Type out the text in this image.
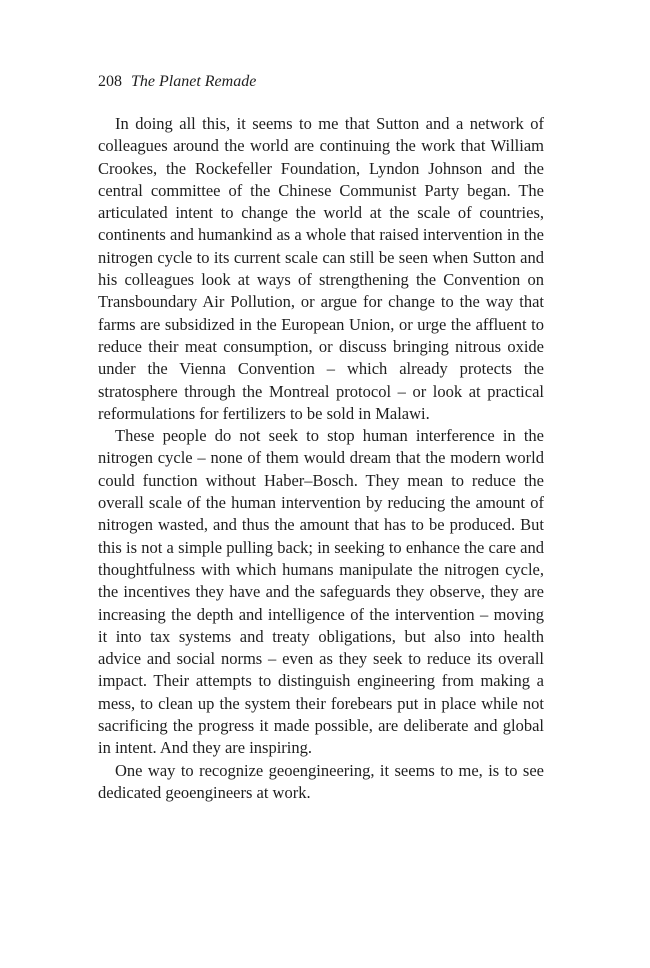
208 The Planet Remade

In doing all this, it seems to me that Sutton and a network of colleagues around the world are continuing the work that William Crookes, the Rockefeller Foundation, Lyndon Johnson and the central committee of the Chinese Communist Party began. The articulated intent to change the world at the scale of countries, continents and humankind as a whole that raised intervention in the nitrogen cycle to its current scale can still be seen when Sutton and his colleagues look at ways of strengthening the Convention on Transboundary Air Pollution, or argue for change to the way that farms are subsidized in the European Union, or urge the affluent to reduce their meat consumption, or discuss bringing nitrous oxide under the Vienna Convention – which already protects the stratosphere through the Montreal protocol – or look at practical reformulations for fertilizers to be sold in Malawi.

These people do not seek to stop human interference in the nitrogen cycle – none of them would dream that the modern world could function without Haber–Bosch. They mean to reduce the overall scale of the human intervention by reducing the amount of nitrogen wasted, and thus the amount that has to be produced. But this is not a simple pulling back; in seeking to enhance the care and thoughtfulness with which humans manipulate the nitrogen cycle, the incentives they have and the safeguards they observe, they are increasing the depth and intelligence of the intervention – moving it into tax systems and treaty obligations, but also into health advice and social norms – even as they seek to reduce its overall impact. Their attempts to distinguish engineering from making a mess, to clean up the system their forebears put in place while not sacrificing the progress it made possible, are deliberate and global in intent. And they are inspiring.

One way to recognize geoengineering, it seems to me, is to see dedicated geoengineers at work.
